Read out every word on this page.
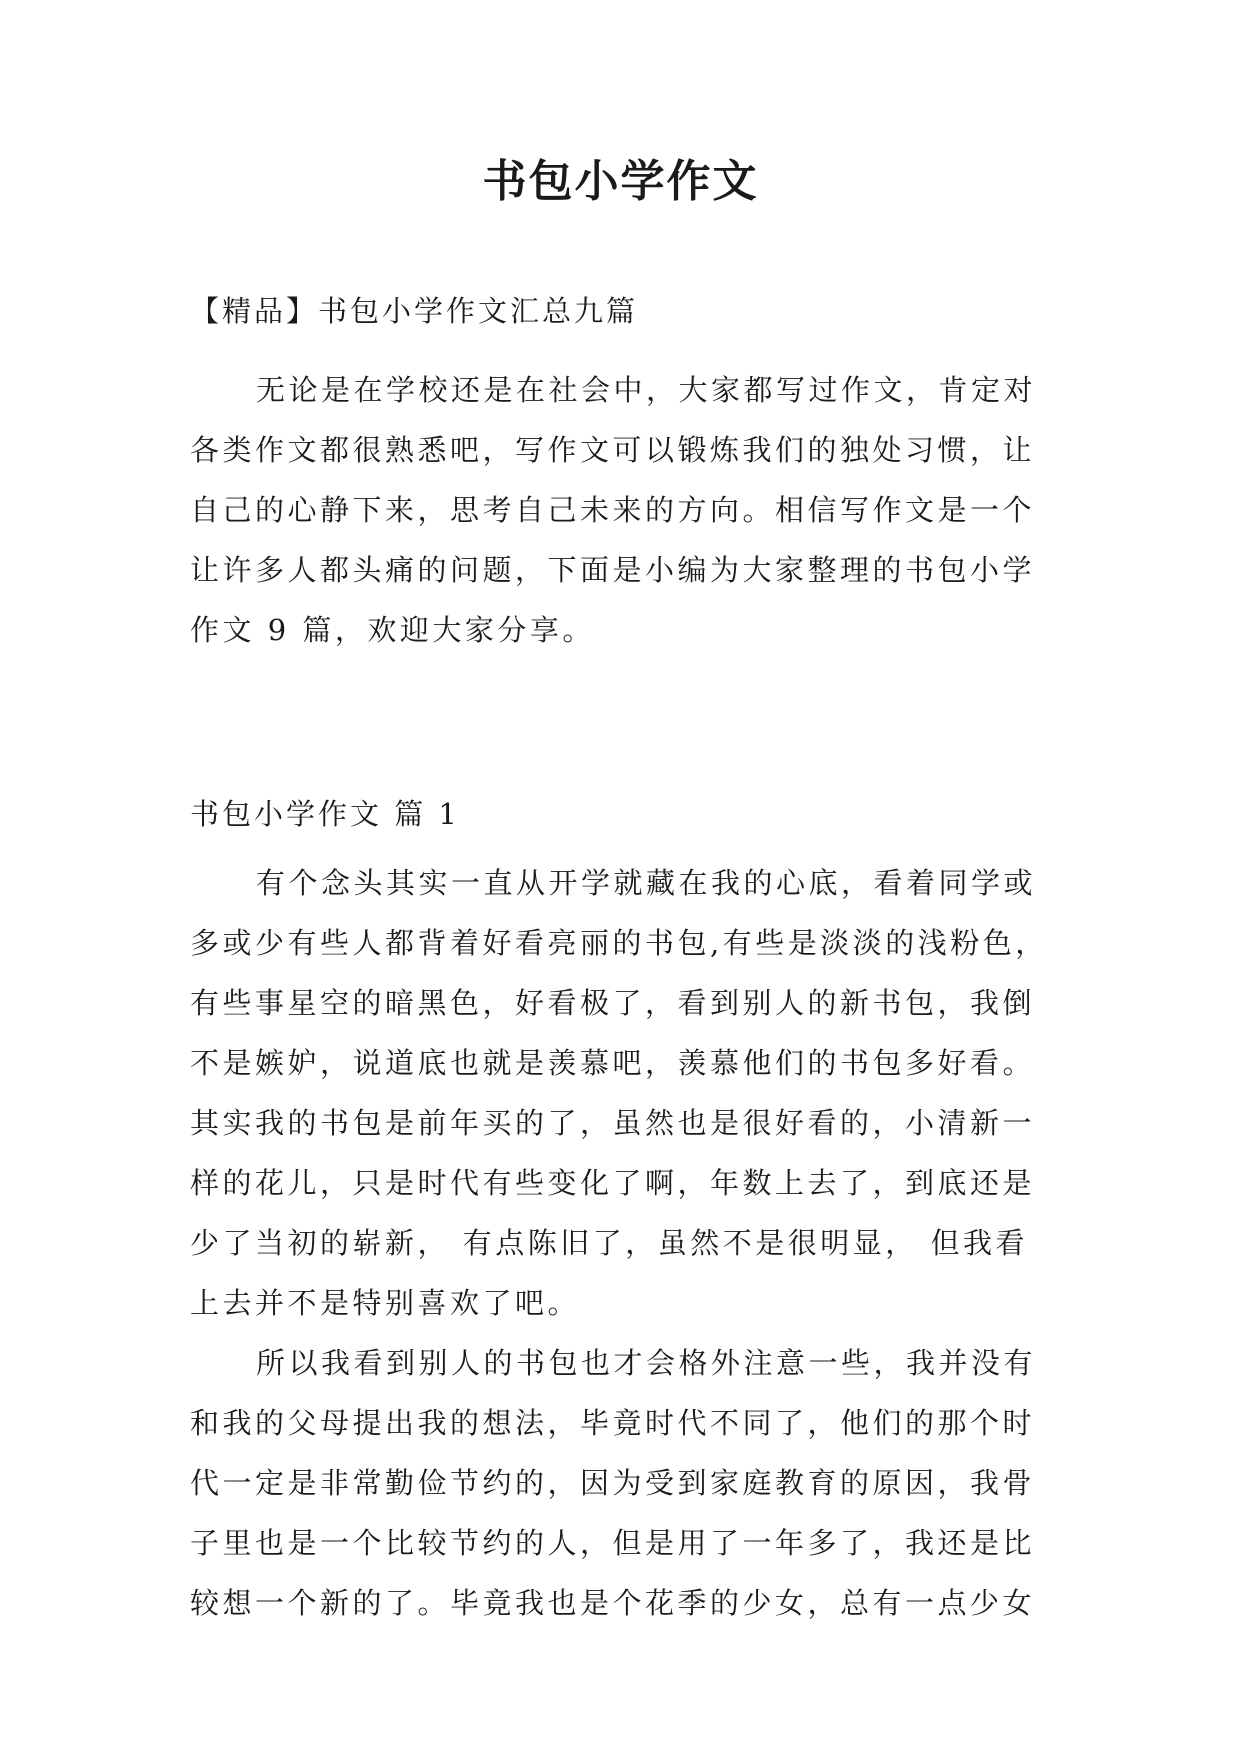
书包小学作文
【精品】书包小学作文汇总九篇
无论是在学校还是在社会中，大家都写过作文，肯定对
各类作文都很熟悉吧，写作文可以锻炼我们的独处习惯，让
自己的心静下来，思考自己未来的方向。相信写作文是一个
让许多人都头痛的问题，下面是小编为大家整理的书包小学
作文 9 篇，欢迎大家分享。
书包小学作文 篇 1
有个念头其实一直从开学就藏在我的心底，看着同学或
多或少有些人都背着好看亮丽的书包,有些是淡淡的浅粉色，
有些事星空的暗黑色，好看极了，看到别人的新书包，我倒
不是嫉妒，说道底也就是羡慕吧，羡慕他们的书包多好看。
其实我的书包是前年买的了，虽然也是很好看的，小清新一
样的花儿，只是时代有些变化了啊，年数上去了，到底还是
少了当初的崭新， 有点陈旧了，虽然不是很明显， 但我看
上去并不是特别喜欢了吧。
所以我看到别人的书包也才会格外注意一些，我并没有
和我的父母提出我的想法，毕竟时代不同了，他们的那个时
代一定是非常勤俭节约的，因为受到家庭教育的原因，我骨
子里也是一个比较节约的人，但是用了一年多了，我还是比
较想一个新的了。毕竟我也是个花季的少女，总有一点少女
